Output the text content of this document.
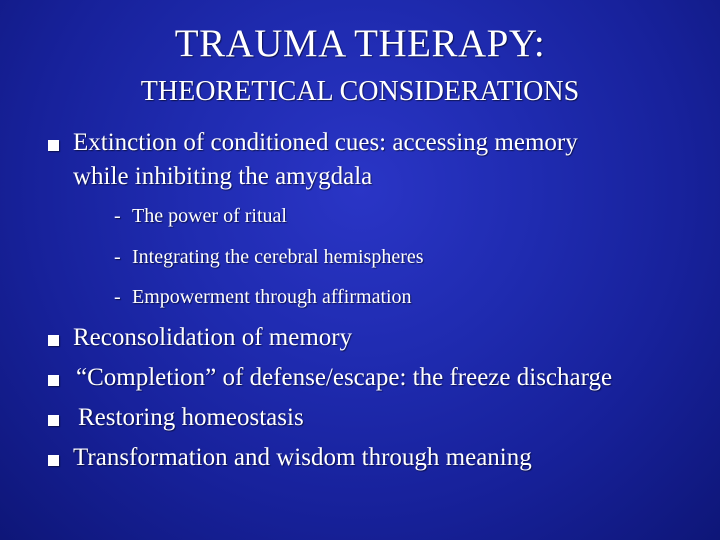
TRAUMA THERAPY:
THEORETICAL CONSIDERATIONS
Extinction of conditioned cues: accessing memory
while inhibiting the amygdala
- The power of ritual
- Integrating the cerebral hemispheres
- Empowerment through affirmation
Reconsolidation of memory
“Completion” of defense/escape: the freeze discharge
Restoring homeostasis
Transformation and wisdom through meaning
